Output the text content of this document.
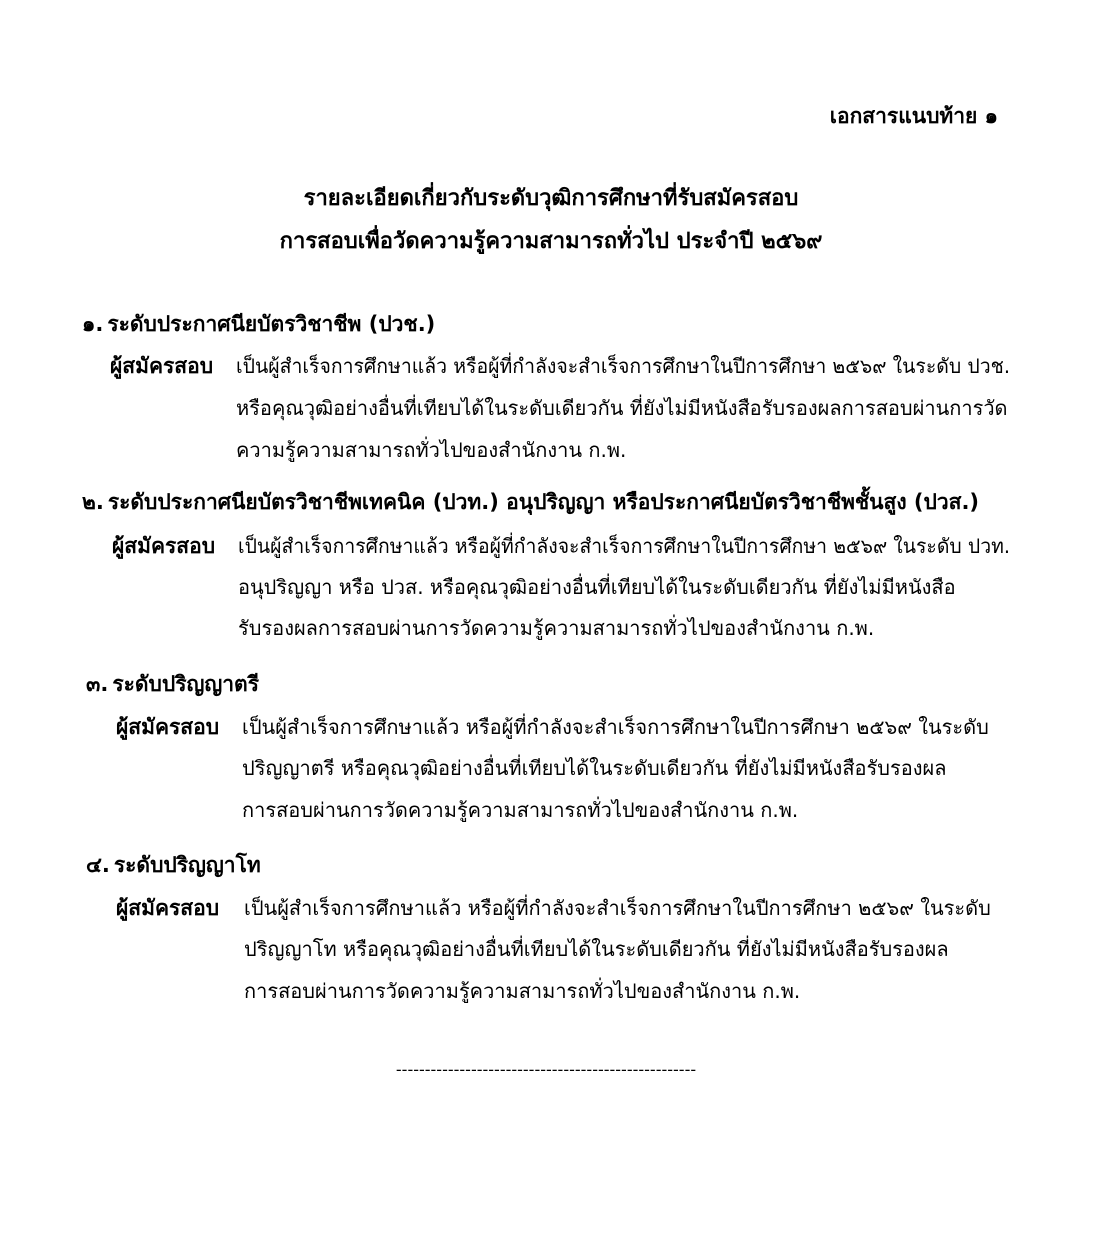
เอกสารแนบท้าย ๑
รายละเอียดเกี่ยวกับระดับวุฒิการศึกษาที่รับสมัครสอบ
การสอบเพื่อวัดความรู้ความสามารถทั่วไป ประจำปี ๒๕๖๙
๑. ระดับประกาศนียบัตรวิชาชีพ (ปวช.)
ผู้สมัครสอบ เป็นผู้สำเร็จการศึกษาแล้ว หรือผู้ที่กำลังจะสำเร็จการศึกษาในปีการศึกษา ๒๕๖๙ ในระดับ ปวช.
หรือคุณวุฒิอย่างอื่นที่เทียบได้ในระดับเดียวกัน ที่ยังไม่มีหนังสือรับรองผลการสอบผ่านการวัด
ความรู้ความสามารถทั่วไปของสำนักงาน ก.พ.
๒. ระดับประกาศนียบัตรวิชาชีพเทคนิค (ปวท.) อนุปริญญา หรือประกาศนียบัตรวิชาชีพชั้นสูง (ปวส.)
ผู้สมัครสอบ เป็นผู้สำเร็จการศึกษาแล้ว หรือผู้ที่กำลังจะสำเร็จการศึกษาในปีการศึกษา ๒๕๖๙ ในระดับ ปวท.
อนุปริญญา หรือ ปวส. หรือคุณวุฒิอย่างอื่นที่เทียบได้ในระดับเดียวกัน ที่ยังไม่มีหนังสือ
รับรองผลการสอบผ่านการวัดความรู้ความสามารถทั่วไปของสำนักงาน ก.พ.
๓. ระดับปริญญาตรี
ผู้สมัครสอบ เป็นผู้สำเร็จการศึกษาแล้ว หรือผู้ที่กำลังจะสำเร็จการศึกษาในปีการศึกษา ๒๕๖๙ ในระดับ
ปริญญาตรี หรือคุณวุฒิอย่างอื่นที่เทียบได้ในระดับเดียวกัน ที่ยังไม่มีหนังสือรับรองผล
การสอบผ่านการวัดความรู้ความสามารถทั่วไปของสำนักงาน ก.พ.
๔. ระดับปริญญาโท
ผู้สมัครสอบ เป็นผู้สำเร็จการศึกษาแล้ว หรือผู้ที่กำลังจะสำเร็จการศึกษาในปีการศึกษา ๒๕๖๙ ในระดับ
ปริญญาโท หรือคุณวุฒิอย่างอื่นที่เทียบได้ในระดับเดียวกัน ที่ยังไม่มีหนังสือรับรองผล
การสอบผ่านการวัดความรู้ความสามารถทั่วไปของสำนักงาน ก.พ.
----------------------------------------------------
